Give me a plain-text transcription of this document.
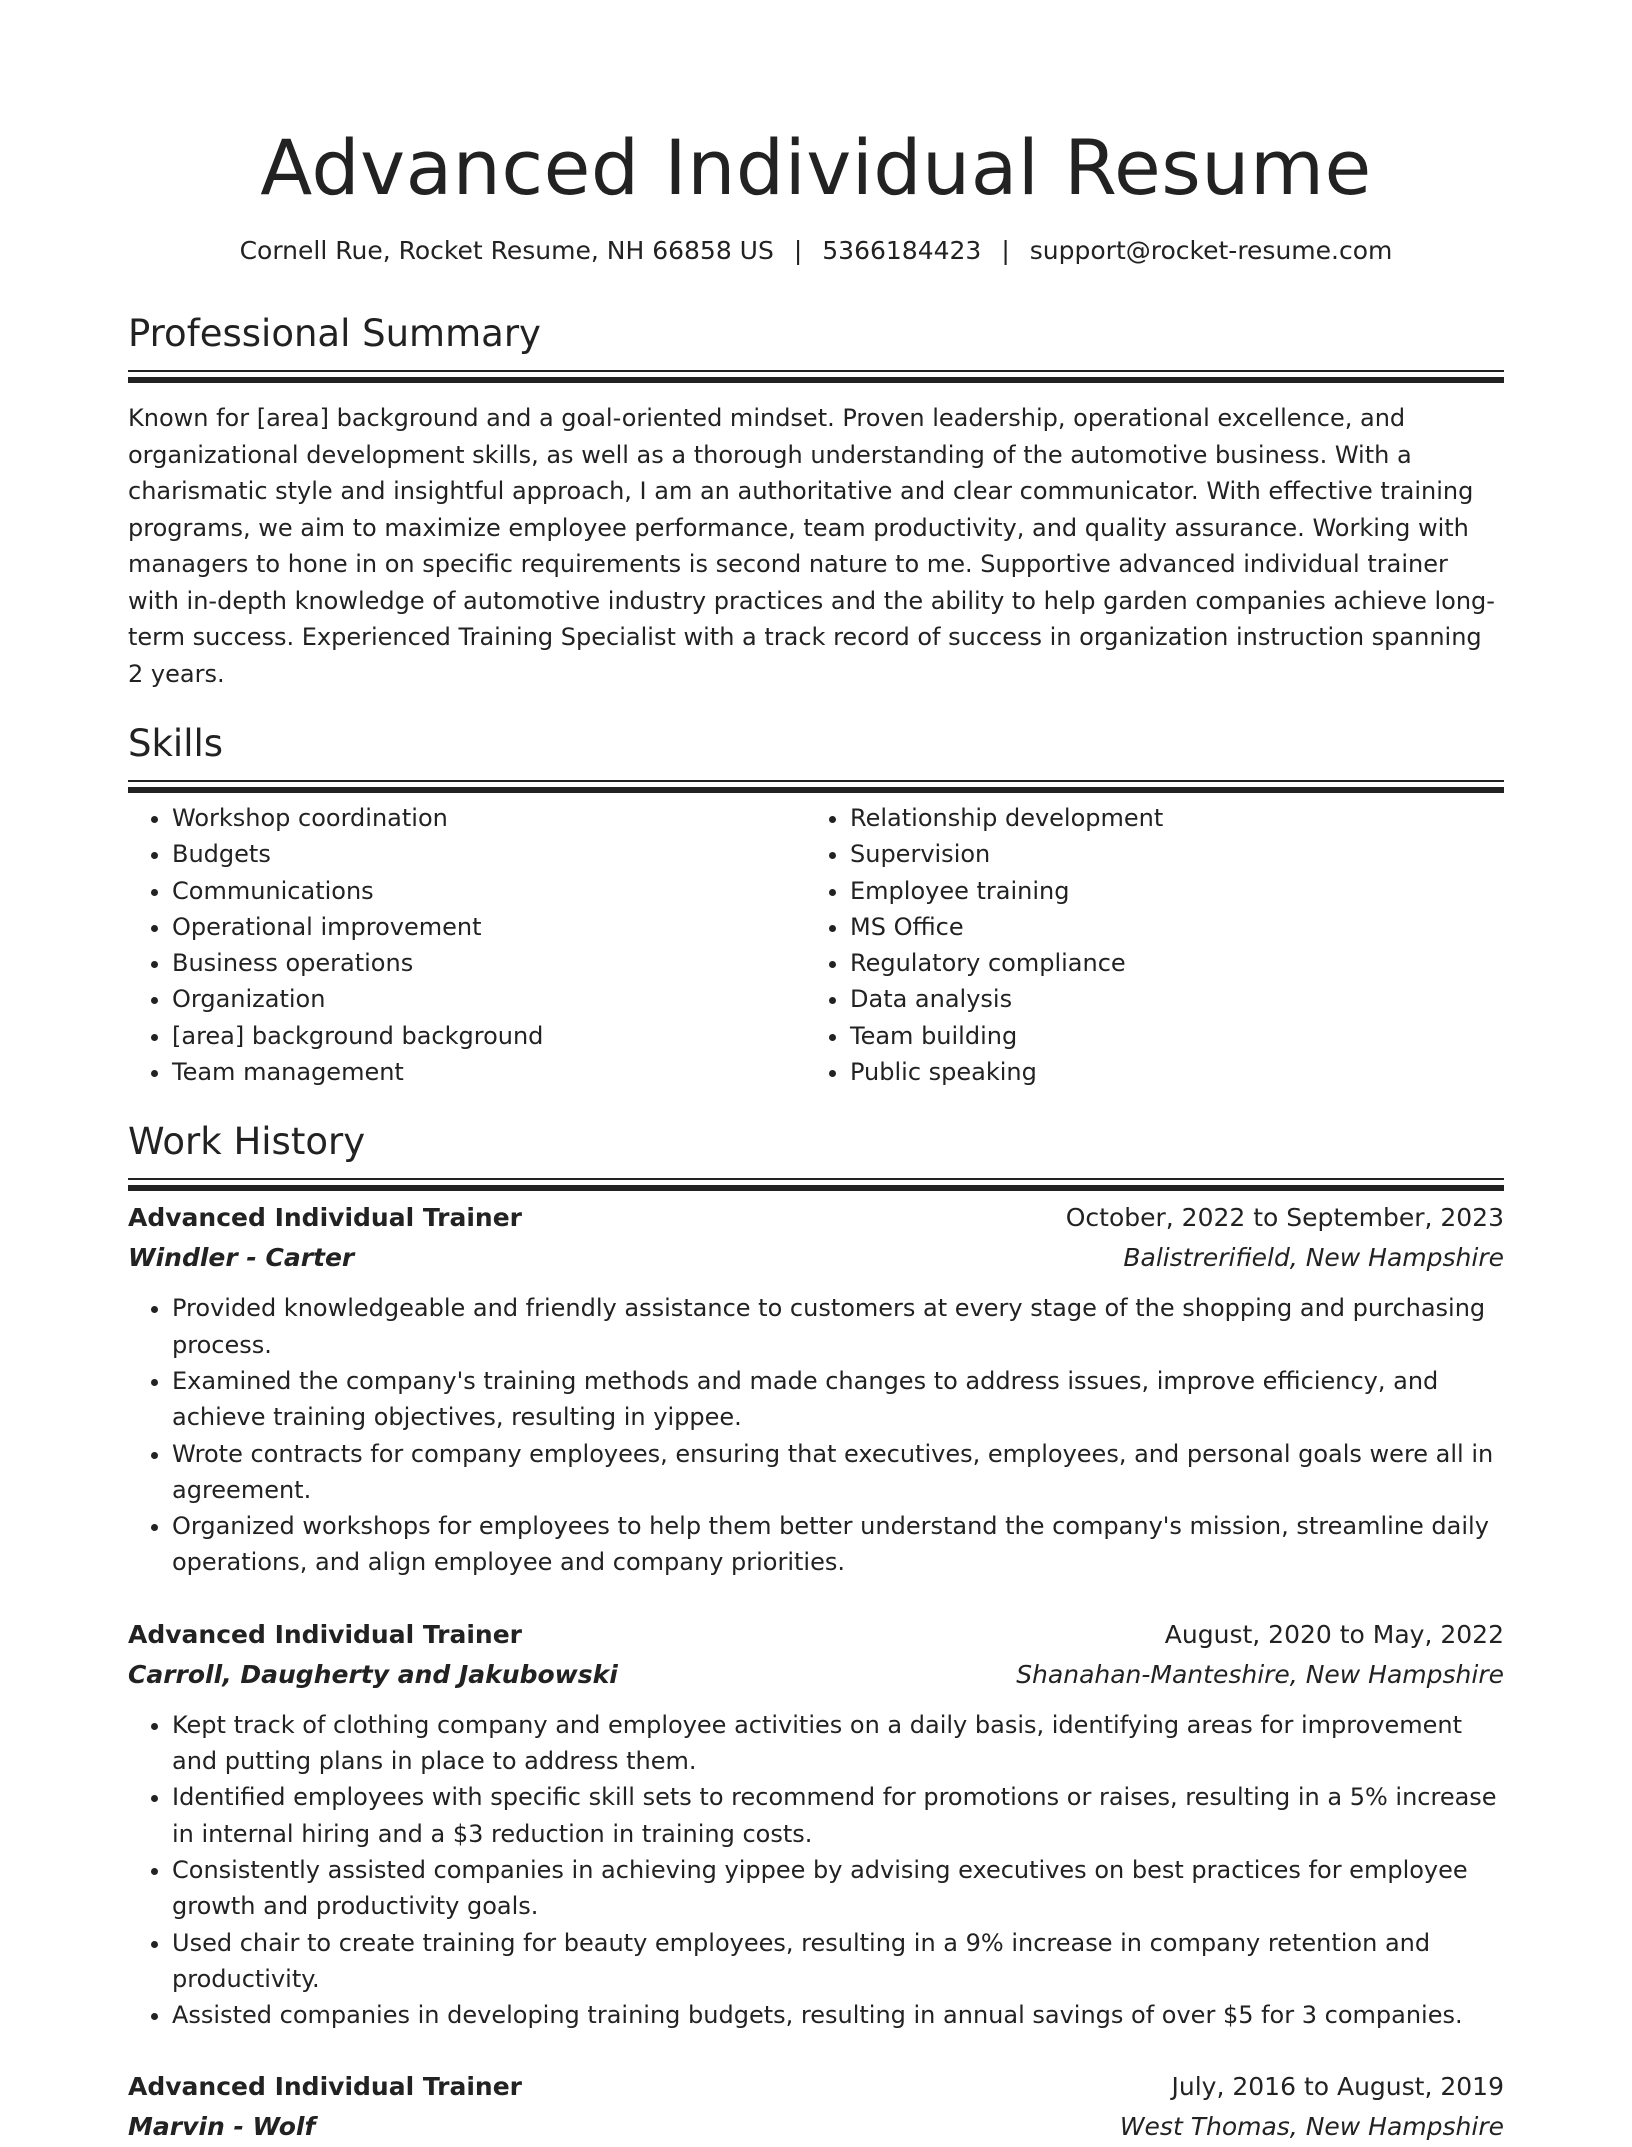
Advanced Individual Resume
Cornell Rue, Rocket Resume, NH 66858 US | 5366184423 | support@rocket-resume.com
Professional Summary

Known for [area] background and a goal-oriented mindset. Proven leadership, operational excellence, and organizational development skills, as well as a thorough understanding of the automotive business. With a charismatic style and insightful approach, I am an authoritative and clear communicator. With effective training programs, we aim to maximize employee performance, team productivity, and quality assurance. Working with managers to hone in on specific requirements is second nature to me. Supportive advanced individual trainer with in-depth knowledge of automotive industry practices and the ability to help garden companies achieve long-term success. Experienced Training Specialist with a track record of success in organization instruction spanning 2 years.

Skills
• Workshop coordination
• Budgets
• Communications
• Operational improvement
• Business operations
• Organization
• [area] background background
• Team management
• Relationship development
• Supervision
• Employee training
• MS Office
• Regulatory compliance
• Data analysis
• Team building
• Public speaking
Work History
Advanced Individual Trainer	October, 2022 to September, 2023
Windler - Carter	Balistrerifield, New Hampshire
• Provided knowledgeable and friendly assistance to customers at every stage of the shopping and purchasing process.
• Examined the company's training methods and made changes to address issues, improve efficiency, and achieve training objectives, resulting in yippee.
• Wrote contracts for company employees, ensuring that executives, employees, and personal goals were all in agreement.
• Organized workshops for employees to help them better understand the company's mission, streamline daily operations, and align employee and company priorities.
Advanced Individual Trainer	August, 2020 to May, 2022
Carroll, Daugherty and Jakubowski	Shanahan-Manteshire, New Hampshire
• Kept track of clothing company and employee activities on a daily basis, identifying areas for improvement and putting plans in place to address them.
• Identified employees with specific skill sets to recommend for promotions or raises, resulting in a 5% increase in internal hiring and a $3 reduction in training costs.
• Consistently assisted companies in achieving yippee by advising executives on best practices for employee growth and productivity goals.
• Used chair to create training for beauty employees, resulting in a 9% increase in company retention and productivity.
• Assisted companies in developing training budgets, resulting in annual savings of over $5 for 3 companies.
Advanced Individual Trainer	July, 2016 to August, 2019
Marvin - Wolf	West Thomas, New Hampshire
